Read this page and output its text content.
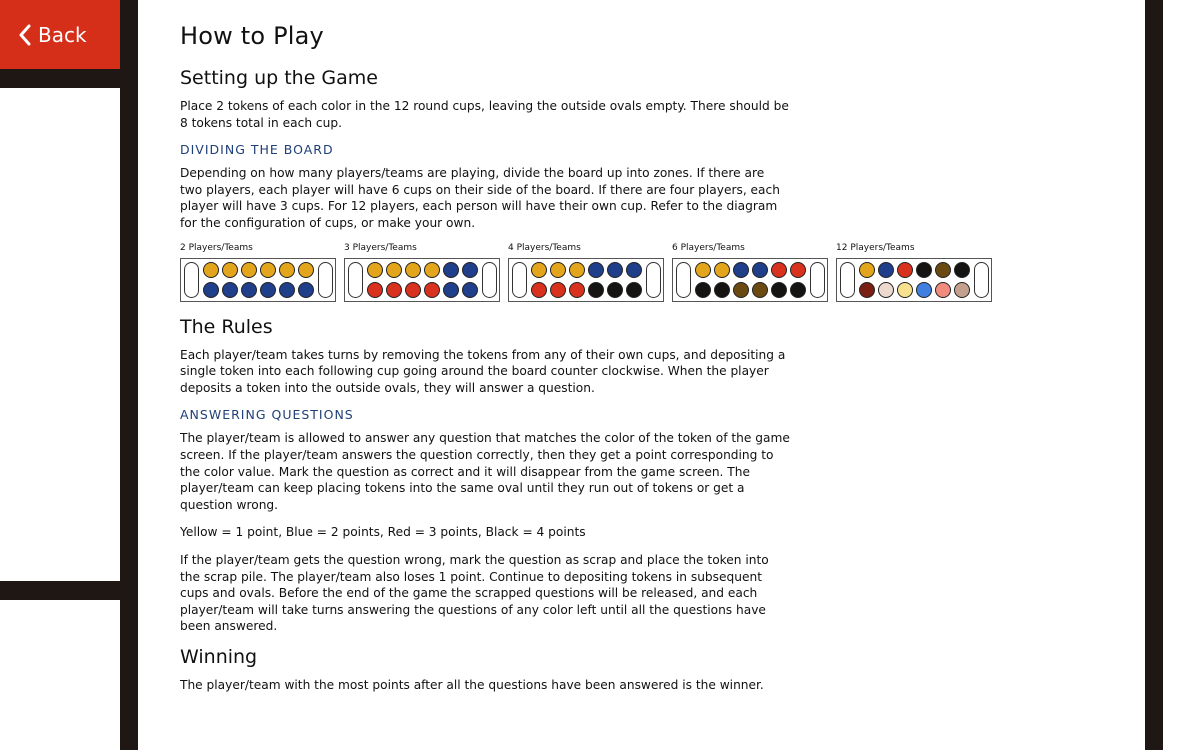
Back	How to Play
Setting up the Game

Place 2 tokens of each color in the 12 round cups, leaving the outside ovals empty. There should be 8 tokens total in each cup.

DIVIDING THE BOARD

Depending on how many players/teams are playing, divide the board up into zones. If there are two players, each player will have 6 cups on their side of the board. If there are four players, each player will have 3 cups. For 12 players, each person will have their own cup. Refer to the diagram for the configuration of cups, or make your own.

2 Players/Teams	3 Players/Teams	4 Players/Teams	6 Players/Teams	12 Players/Teams
The Rules

Each player/team takes turns by removing the tokens from any of their own cups, and depositing a single token into each following cup going around the board counter clockwise. When the player deposits a token into the outside ovals, they will answer a question.

ANSWERING QUESTIONS

The player/team is allowed to answer any question that matches the color of the token of the game screen. If the player/team answers the question correctly, then they get a point corresponding to the color value. Mark the question as correct and it will disappear from the game screen. The player/team can keep placing tokens into the same oval until they run out of tokens or get a question wrong.

Yellow = 1 point, Blue = 2 points, Red = 3 points, Black = 4 points

If the player/team gets the question wrong, mark the question as scrap and place the token into the scrap pile. The player/team also loses 1 point. Continue to depositing tokens in subsequent cups and ovals. Before the end of the game the scrapped questions will be released, and each player/team will take turns answering the questions of any color left until all the questions have been answered.

Winning

The player/team with the most points after all the questions have been answered is the winner.
